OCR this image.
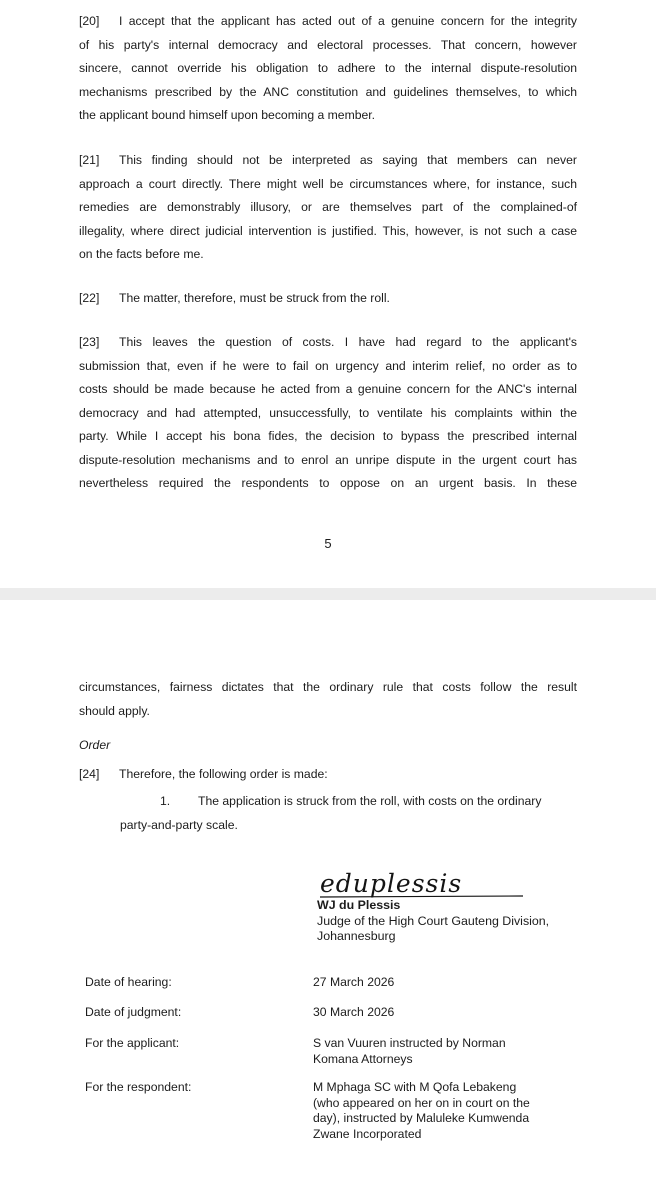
[20] I accept that the applicant has acted out of a genuine concern for the integrity
of his party's internal democracy and electoral processes. That concern, however
sincere, cannot override his obligation to adhere to the internal dispute-resolution
mechanisms prescribed by the ANC constitution and guidelines themselves, to which
the applicant bound himself upon becoming a member.
[21] This finding should not be interpreted as saying that members can never
approach a court directly. There might well be circumstances where, for instance, such
remedies are demonstrably illusory, or are themselves part of the complained-of
illegality, where direct judicial intervention is justified. This, however, is not such a case
on the facts before me.
[22] The matter, therefore, must be struck from the roll.
[23] This leaves the question of costs. I have had regard to the applicant's
submission that, even if he were to fail on urgency and interim relief, no order as to
costs should be made because he acted from a genuine concern for the ANC's internal
democracy and had attempted, unsuccessfully, to ventilate his complaints within the
party. While I accept his bona fides, the decision to bypass the prescribed internal
dispute-resolution mechanisms and to enrol an unripe dispute in the urgent court has
nevertheless required the respondents to oppose on an urgent basis. In these
5
circumstances, fairness dictates that the ordinary rule that costs follow the result
should apply.

Order

[24] Therefore, the following order is made:

1. The application is struck from the roll, with costs on the ordinary
party-and-party scale.
eduplessis
WJ du Plessis
Judge of the High Court Gauteng Division,
Johannesburg
Date of hearing:	27 March 2026
Date of judgment:	30 March 2026
For the applicant:	S van Vuuren instructed by Norman
Komana Attorneys
For the respondent:	M Mphaga SC with M Qofa Lebakeng
(who appeared on her on in court on the
day), instructed by Maluleke Kumwenda
Zwane Incorporated
